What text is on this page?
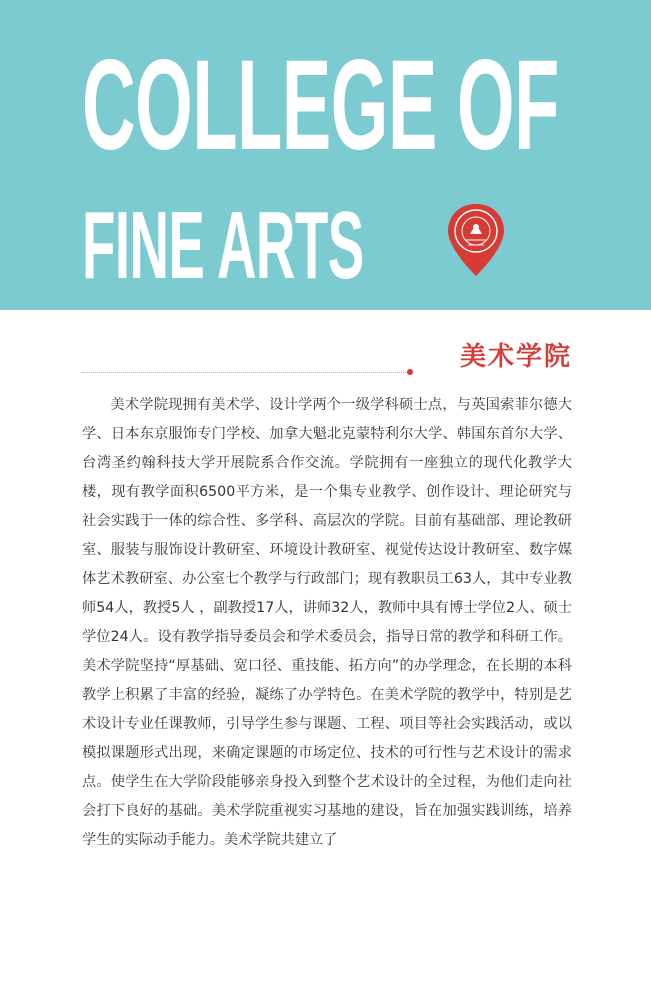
COLLEGE OF
FINE ARTS
美术学院

美术学院现拥有美术学、设计学两个一级学科硕士点，与英国索菲尔德大学、日本东京服饰专门学校、加拿大魁北克蒙特利尔大学、韩国东首尔大学、台湾圣约翰科技大学开展院系合作交流。学院拥有一座独立的现代化教学大楼，现有教学面积6500平方米，是一个集专业教学、创作设计、理论研究与社会实践于一体的综合性、多学科、高层次的学院。目前有基础部、理论教研室、服装与服饰设计教研室、环境设计教研室、视觉传达设计教研室、数字媒体艺术教研室、办公室七个教学与行政部门；现有教职员工63人，其中专业教师54人，教授5人 ，副教授17人，讲师32人，教师中具有博士学位2人、硕士学位24人。设有教学指导委员会和学术委员会，指导日常的教学和科研工作。美术学院坚持“厚基础、宽口径、重技能、拓方向”的办学理念，在长期的本科教学上积累了丰富的经验，凝练了办学特色。在美术学院的教学中，特别是艺术设计专业任课教师，引导学生参与课题、工程、项目等社会实践活动，或以模拟课题形式出现，来确定课题的市场定位、技术的可行性与艺术设计的需求点。使学生在大学阶段能够亲身投入到整个艺术设计的全过程，为他们走向社会打下良好的基础。美术学院重视实习基地的建设，旨在加强实践训练，培养学生的实际动手能力。美术学院共建立了
